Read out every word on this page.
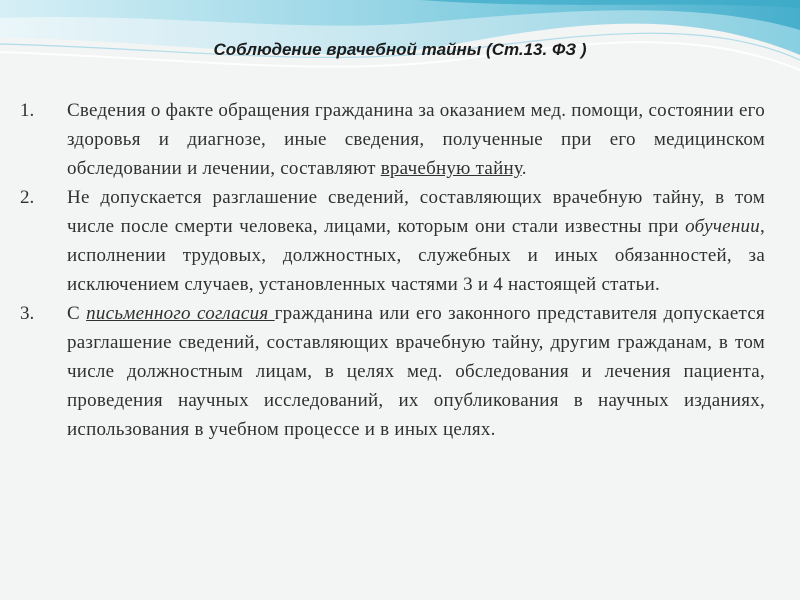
Соблюдение врачебной тайны (Ст.13. ФЗ )
1. Сведения о факте обращения гражданина за оказанием мед. помощи, состоянии его здоровья и диагнозе, иные сведения, полученные при его медицинском обследовании и лечении, составляют врачебную тайну.
2. Не допускается разглашение сведений, составляющих врачебную тайну, в том числе после смерти человека, лицами, которым они стали известны при обучении, исполнении трудовых, должностных, служебных и иных обязанностей, за исключением случаев, установленных частями 3 и 4 настоящей статьи.
3. С письменного согласия гражданина или его законного представителя допускается разглашение сведений, составляющих врачебную тайну, другим гражданам, в том числе должностным лицам, в целях мед. обследования и лечения пациента, проведения научных исследований, их опубликования в научных изданиях, использования в учебном процессе и в иных целях.
